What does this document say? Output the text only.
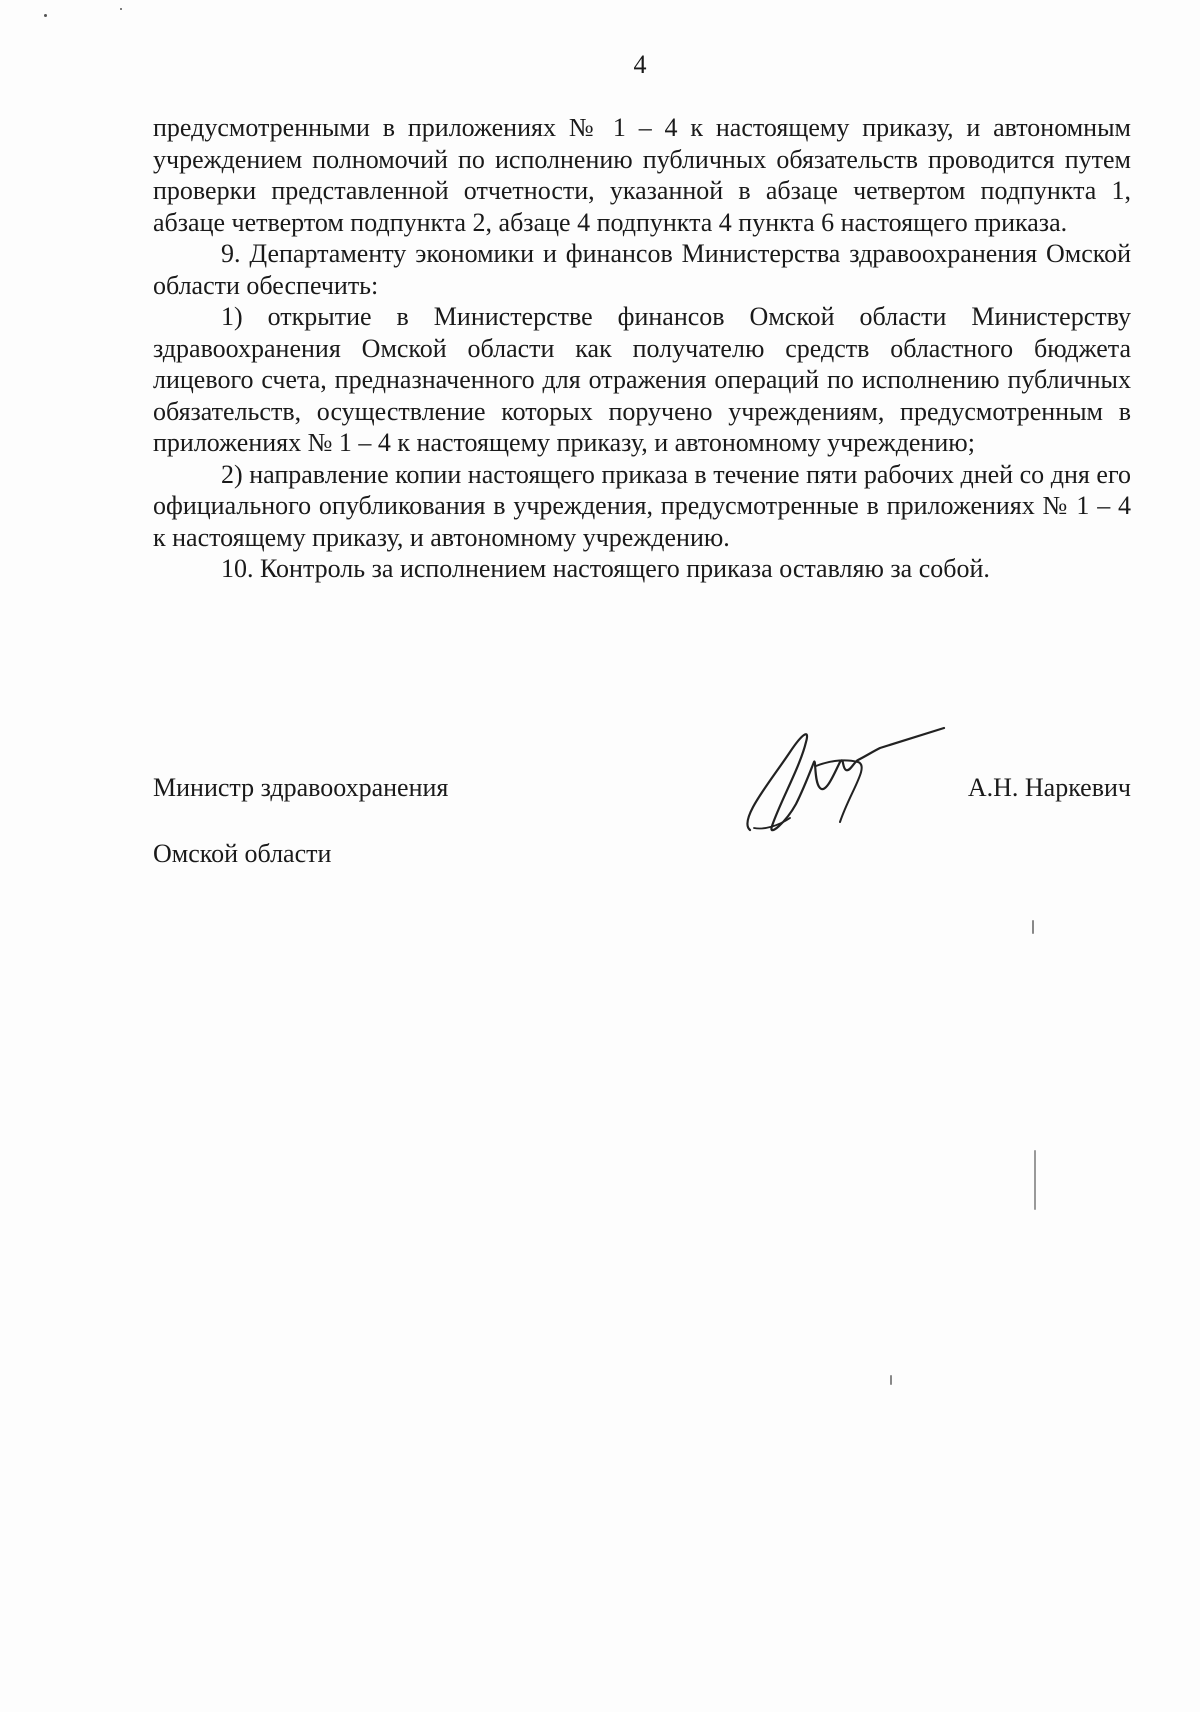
4

предусмотренными в приложениях № 1 – 4 к настоящему приказу, и автономным учреждением полномочий по исполнению публичных обязательств проводится путем проверки представленной отчетности, указанной в абзаце четвертом подпункта 1, абзаце четвертом подпункта 2, абзаце 4 подпункта 4 пункта 6 настоящего приказа.

9. Департаменту экономики и финансов Министерства здравоохранения Омской области обеспечить:

1) открытие в Министерстве финансов Омской области Министерству здравоохранения Омской области как получателю средств областного бюджета лицевого счета, предназначенного для отражения операций по исполнению публичных обязательств, осуществление которых поручено учреждениям, предусмотренным в приложениях № 1 – 4 к настоящему приказу, и автономному учреждению;

2) направление копии настоящего приказа в течение пяти рабочих дней со дня его официального опубликования в учреждения, предусмотренные в приложениях № 1 – 4 к настоящему приказу, и автономному учреждению.

10. Контроль за исполнением настоящего приказа оставляю за собой.

Министр здравоохранения

Омской области

А.Н. Наркевич
